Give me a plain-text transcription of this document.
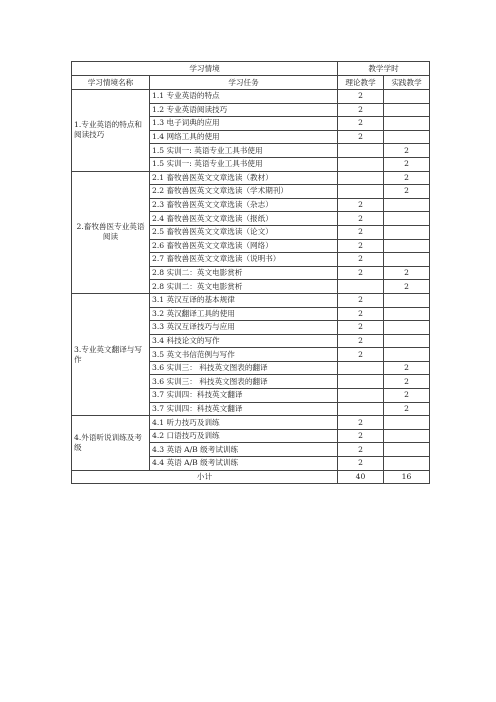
学习情境		教学学时	
学习情境名称	学习任务	理论教学	实践教学
1.专业英语的特点和阅读技巧	1.1 专业英语的特点	2	
	1.2 专业英语阅读技巧	2	
	1.3 电子词典的应用	2	
	1.4 网络工具的使用	2	
	1.5 实训一: 英语专业工具书使用		2
	1.5 实训一: 英语专业工具书使用		2
2.畜牧兽医专业英语阅读	2.1 畜牧兽医英文文章选读（教材）		2
	2.2 畜牧兽医英文文章选读（学术期刊）		2
	2.3 畜牧兽医英文文章选读（杂志）	2	
	2.4 畜牧兽医英文文章选读（报纸）	2	
	2.5 畜牧兽医英文文章选读（论文）	2	
	2.6 畜牧兽医英文文章选读（网络）	2	
	2.7 畜牧兽医英文文章选读（说明书）	2	
	2.8 实训二：英文电影赏析	2	2
	2.8 实训二：英文电影赏析		2
3.专业英文翻译与写作	3.1 英汉互译的基本规律	2	
	3.2 英汉翻译工具的使用	2	
	3.3 英汉互译技巧与应用	2	
	3.4 科技论文的写作	2	
	3.5 英文书信范例与写作	2	
	3.6 实训三： 科技英文图表的翻译		2
	3.6 实训三： 科技英文图表的翻译		2
	3.7 实训四：科技英文翻译		2
	3.7 实训四：科技英文翻译		2
4.外语听说训练及考级	4.1 听力技巧及训练	2	
	4.2 口语技巧及训练	2	
	4.3 英语 A/B 级考试训练	2	
	4.4 英语 A/B 级考试训练	2	
小计		40	16
